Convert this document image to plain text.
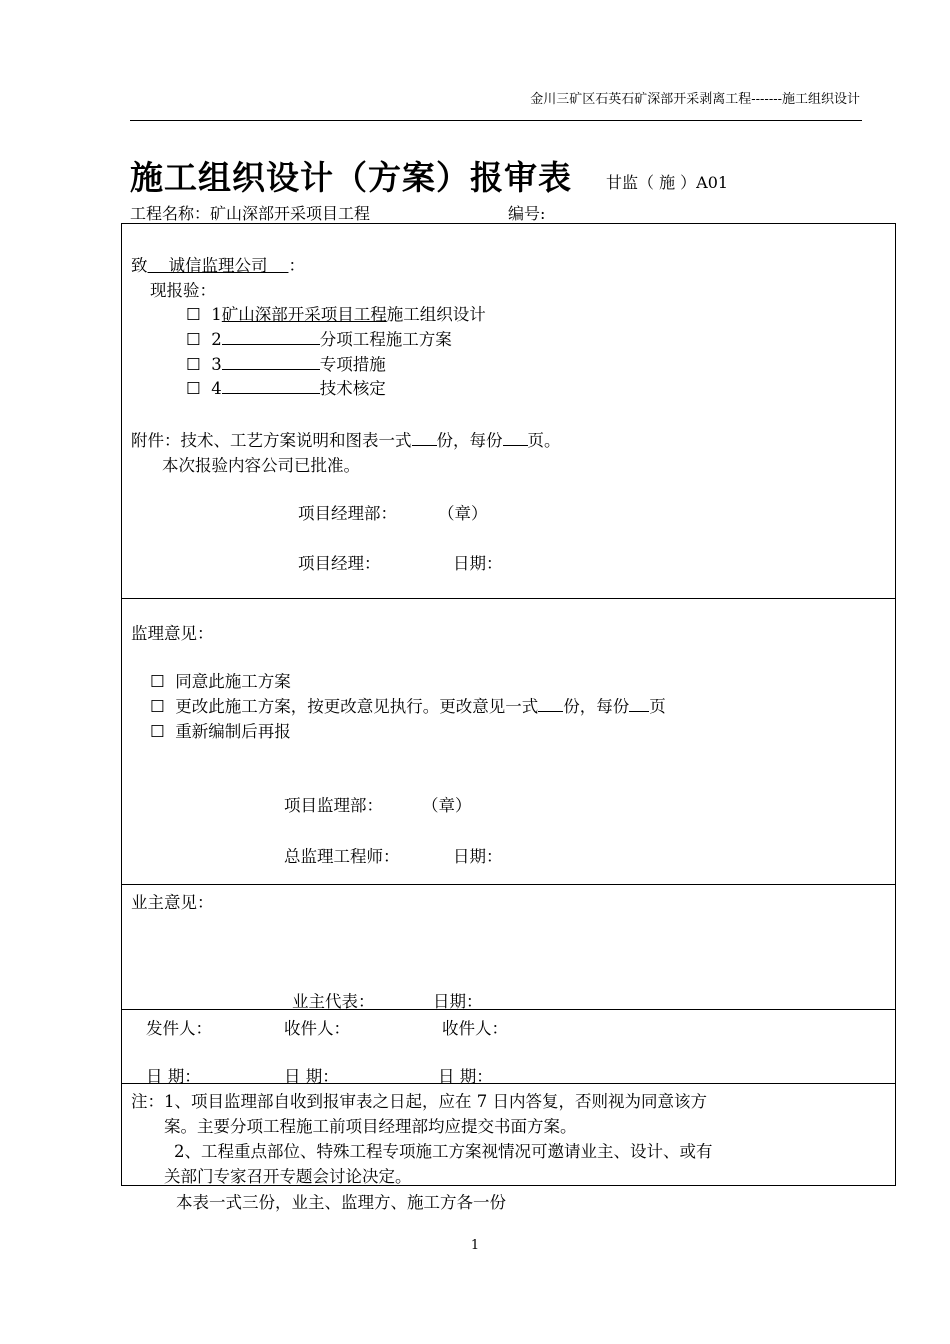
金川三矿区石英石矿深部开采剥离工程-------施工组织设计
施工组织设计（方案）报审表 甘监（ 施 ）A01
工程名称：矿山深部开采项目工程	编号:
致 诚信监理公司 ：
现报验：
☐ 1矿山深部开采项目工程施工组织设计
☐ 2	分项工程施工方案
☐ 3	专项措施
☐ 4	技术核定
附件：技术、工艺方案说明和图表一式 份，每份 页。
本次报验内容公司已批准。
项目经理部： （章）
项目经理：	日期：
监理意见：
☐ 同意此施工方案
☐ 更改此施工方案，按更改意见执行。更改意见一式 份，每份 页
☐ 重新编制后再报
项目监理部： （章）
总监理工程师：	日期：
业主意见：
业主代表：	日期：
发件人：	收件人：	收件人：
日 期：	日 期：	日 期：
注：1、项目监理部自收到报审表之日起，应在 7 日内答复，否则视为同意该方
案。主要分项工程施工前项目经理部均应提交书面方案。
2、工程重点部位、特殊工程专项施工方案视情况可邀请业主、设计、或有
关部门专家召开专题会讨论决定。
本表一式三份，业主、监理方、施工方各一份
1
